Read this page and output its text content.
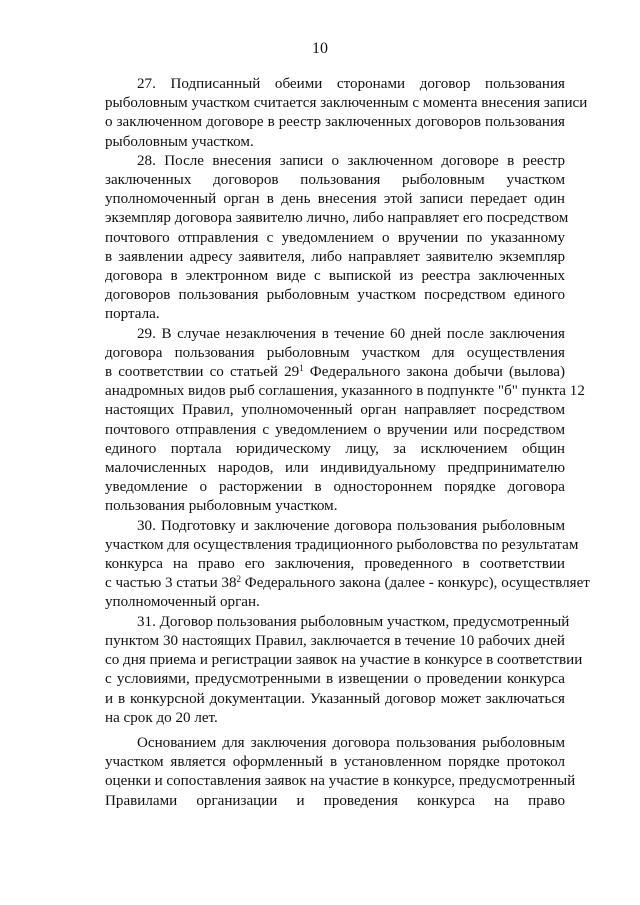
10

27. Подписанный обеими сторонами договор пользования
рыболовным участком считается заключенным с момента внесения записи
о заключенном договоре в реестр заключенных договоров пользования
рыболовным участком.

28. После внесения записи о заключенном договоре в реестр
заключенных договоров пользования рыболовным участком
уполномоченный орган в день внесения этой записи передает один
экземпляр договора заявителю лично, либо направляет его посредством
почтового отправления с уведомлением о вручении по указанному
в заявлении адресу заявителя, либо направляет заявителю экземпляр
договора в электронном виде с выпиской из реестра заключенных
договоров пользования рыболовным участком посредством единого
портала.

29. В случае незаключения в течение 60 дней после заключения
договора пользования рыболовным участком для осуществления
в соответствии со статьей $29^1$ Федерального закона добычи (вылова)
анадромных видов рыб соглашения, указанного в подпункте "б" пункта 12
настоящих Правил, уполномоченный орган направляет посредством
почтового отправления с уведомлением о вручении или посредством
единого портала юридическому лицу, за исключением общин
малочисленных народов, или индивидуальному предпринимателю
уведомление о расторжении в одностороннем порядке договора
пользования рыболовным участком.

30. Подготовку и заключение договора пользования рыболовным
участком для осуществления традиционного рыболовства по результатам
конкурса на право его заключения, проведенного в соответствии
с частью 3 статьи $38^2$ Федерального закона (далее - конкурс), осуществляет
уполномоченный орган.

31. Договор пользования рыболовным участком, предусмотренный
пунктом 30 настоящих Правил, заключается в течение 10 рабочих дней
со дня приема и регистрации заявок на участие в конкурсе в соответствии
с условиями, предусмотренными в извещении о проведении конкурса
и в конкурсной документации. Указанный договор может заключаться
на срок до 20 лет.

Основанием для заключения договора пользования рыболовным
участком является оформленный в установленном порядке протокол
оценки и сопоставления заявок на участие в конкурсе, предусмотренный
Правилами организации и проведения конкурса на право
